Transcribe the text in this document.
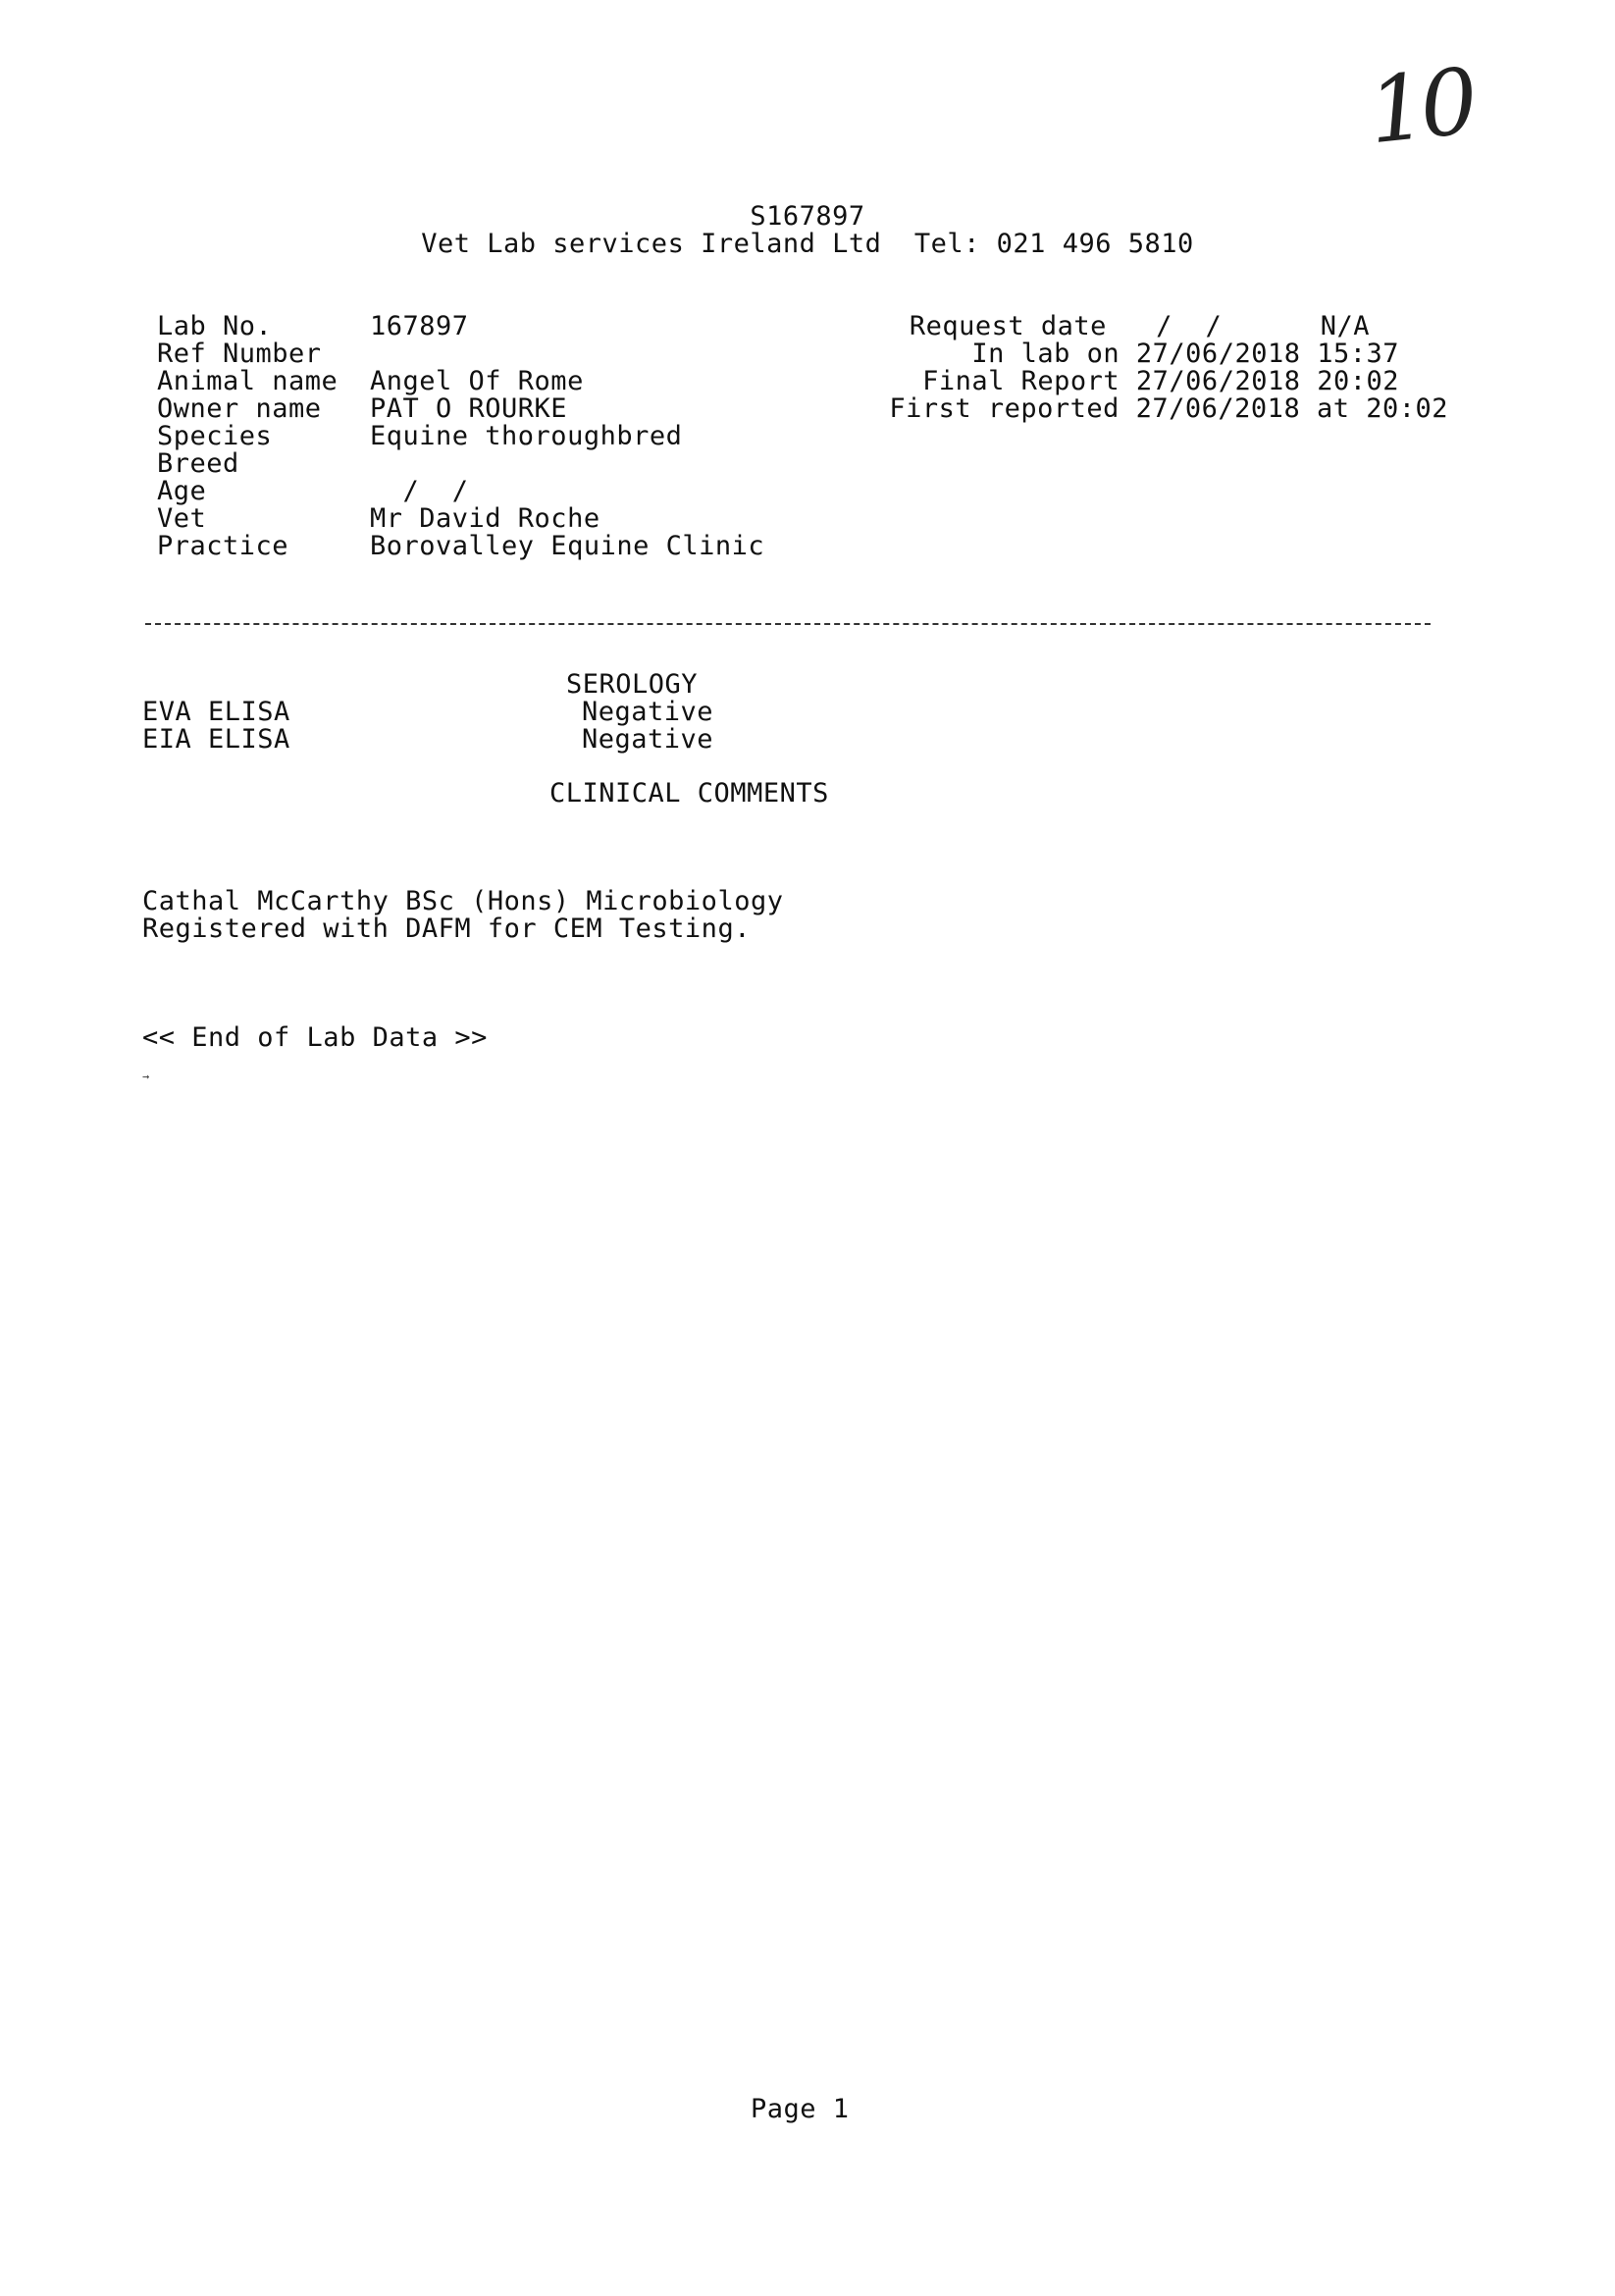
10
S167897
Vet Lab services Ireland Ltd  Tel: 021 496 5810
Lab No.
Ref Number
Animal name
Owner name
Species
Breed
Age
Vet
Practice
167897
Angel Of Rome
PAT O ROURKE
Equine thoroughbred
/  /
Mr David Roche
Borovalley Equine Clinic
Request date   /  /      N/A
In lab on 27/06/2018 15:37
Final Report 27/06/2018 20:02
First reported 27/06/2018 at 20:02
SEROLOGY
EVA ELISA	Negative
EIA ELISA	Negative
CLINICAL COMMENTS
Cathal McCarthy BSc (Hons) Microbiology
Registered with DAFM for CEM Testing.
<< End of Lab Data >>
→
Page 1
